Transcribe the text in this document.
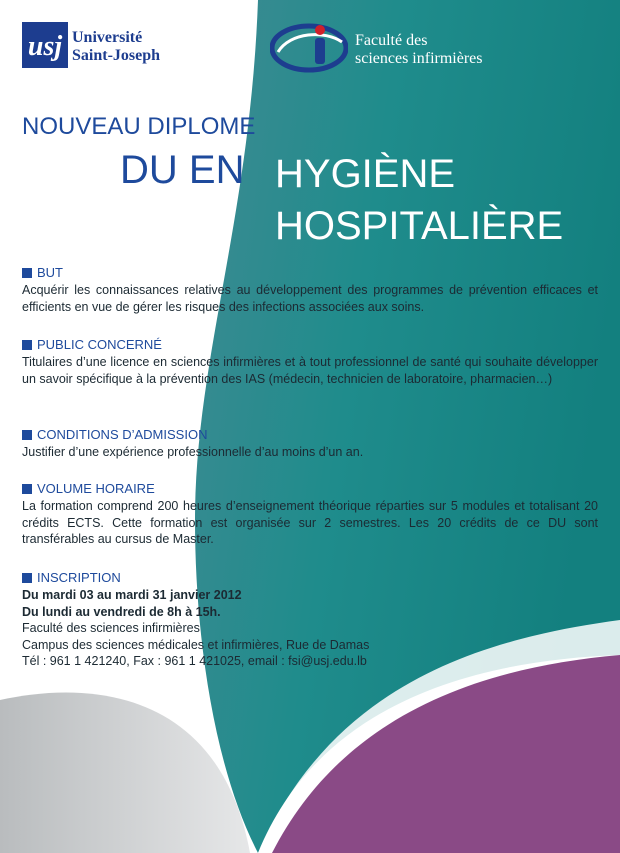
usj Université
Saint-Joseph
Faculté des
sciences infirmières
NOUVEAU DIPLOME
DU EN HYGIÈNE
HOSPITALIÈRE
BUT
Acquérir les connaissances relatives au développement des programmes de prévention efficaces et efficients en vue de gérer les risques des infections associées aux soins.
PUBLIC CONCERNÉ
Titulaires d’une licence en sciences infirmières et à tout professionnel de santé qui souhaite développer un savoir spécifique à la prévention des IAS (médecin, technicien de laboratoire, pharmacien…)
CONDITIONS D’ADMISSION
Justifier d’une expérience professionnelle d’au moins d’un an.
VOLUME HORAIRE
La formation comprend 200 heures d’enseignement théorique réparties sur 5 modules et totalisant 20 crédits ECTS. Cette formation est organisée sur 2 semestres. Les 20 crédits de ce DU sont transférables au cursus de Master.
INSCRIPTION
Du mardi 03 au mardi 31 janvier 2012
Du lundi au vendredi de 8h à 15h.
Faculté des sciences infirmières
Campus des sciences médicales et infirmières, Rue de Damas
Tél : 961 1 421240, Fax : 961 1 421025, email : fsi@usj.edu.lb
